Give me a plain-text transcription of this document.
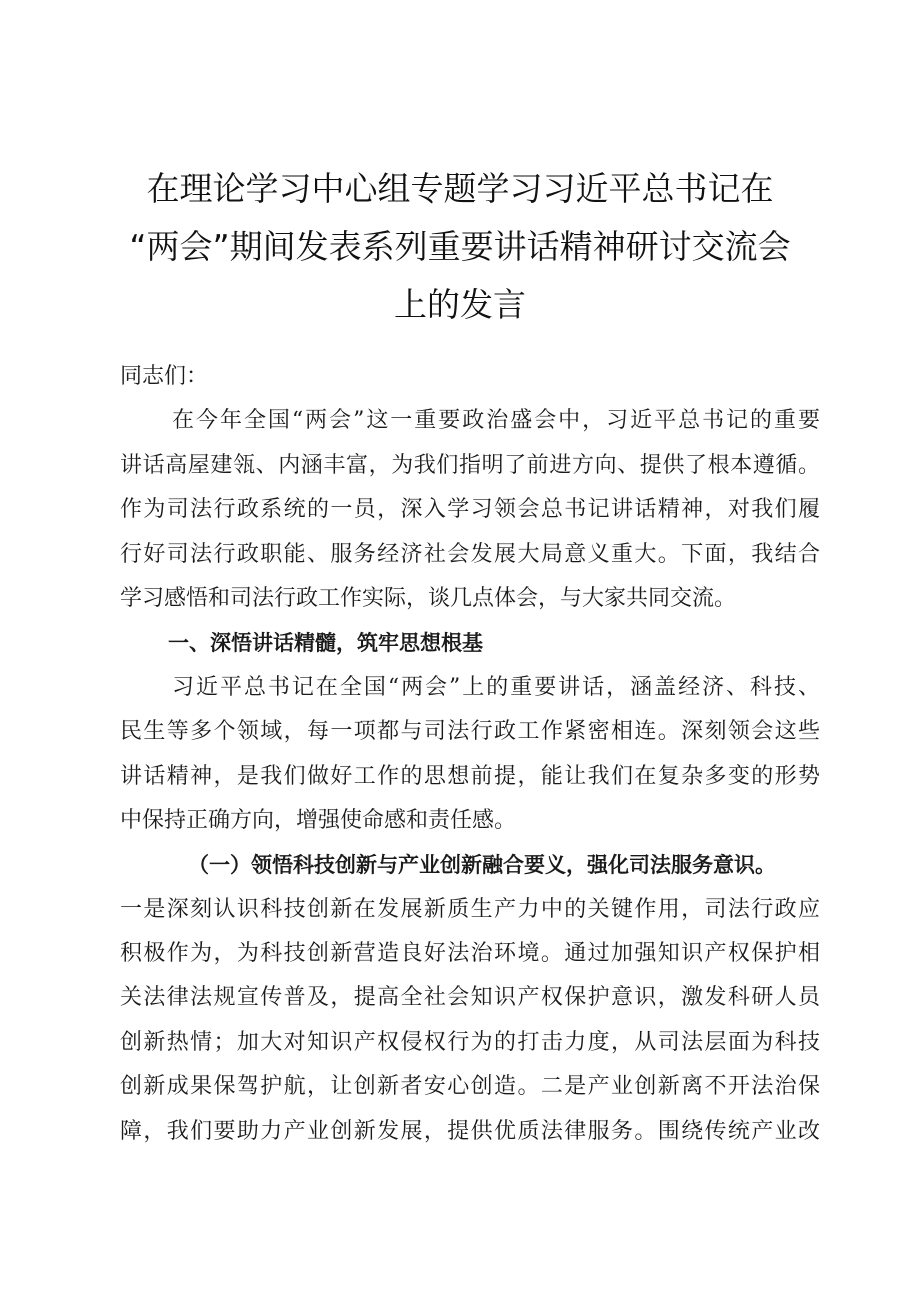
在理论学习中心组专题学习习近平总书记在
“两会”期间发表系列重要讲话精神研讨交流会
上的发言
同志们：
在今年全国“两会”这一重要政治盛会中，习近平总书记的重要
讲话高屋建瓴、内涵丰富，为我们指明了前进方向、提供了根本遵循。
作为司法行政系统的一员，深入学习领会总书记讲话精神，对我们履
行好司法行政职能、服务经济社会发展大局意义重大。下面，我结合
学习感悟和司法行政工作实际，谈几点体会，与大家共同交流。
一、深悟讲话精髓，筑牢思想根基
习近平总书记在全国“两会”上的重要讲话，涵盖经济、科技、
民生等多个领域，每一项都与司法行政工作紧密相连。深刻领会这些
讲话精神，是我们做好工作的思想前提，能让我们在复杂多变的形势
中保持正确方向，增强使命感和责任感。
（一）领悟科技创新与产业创新融合要义，强化司法服务意识。
一是深刻认识科技创新在发展新质生产力中的关键作用，司法行政应
积极作为，为科技创新营造良好法治环境。通过加强知识产权保护相
关法律法规宣传普及，提高全社会知识产权保护意识，激发科研人员
创新热情；加大对知识产权侵权行为的打击力度，从司法层面为科技
创新成果保驾护航，让创新者安心创造。二是产业创新离不开法治保
障，我们要助力产业创新发展，提供优质法律服务。围绕传统产业改
